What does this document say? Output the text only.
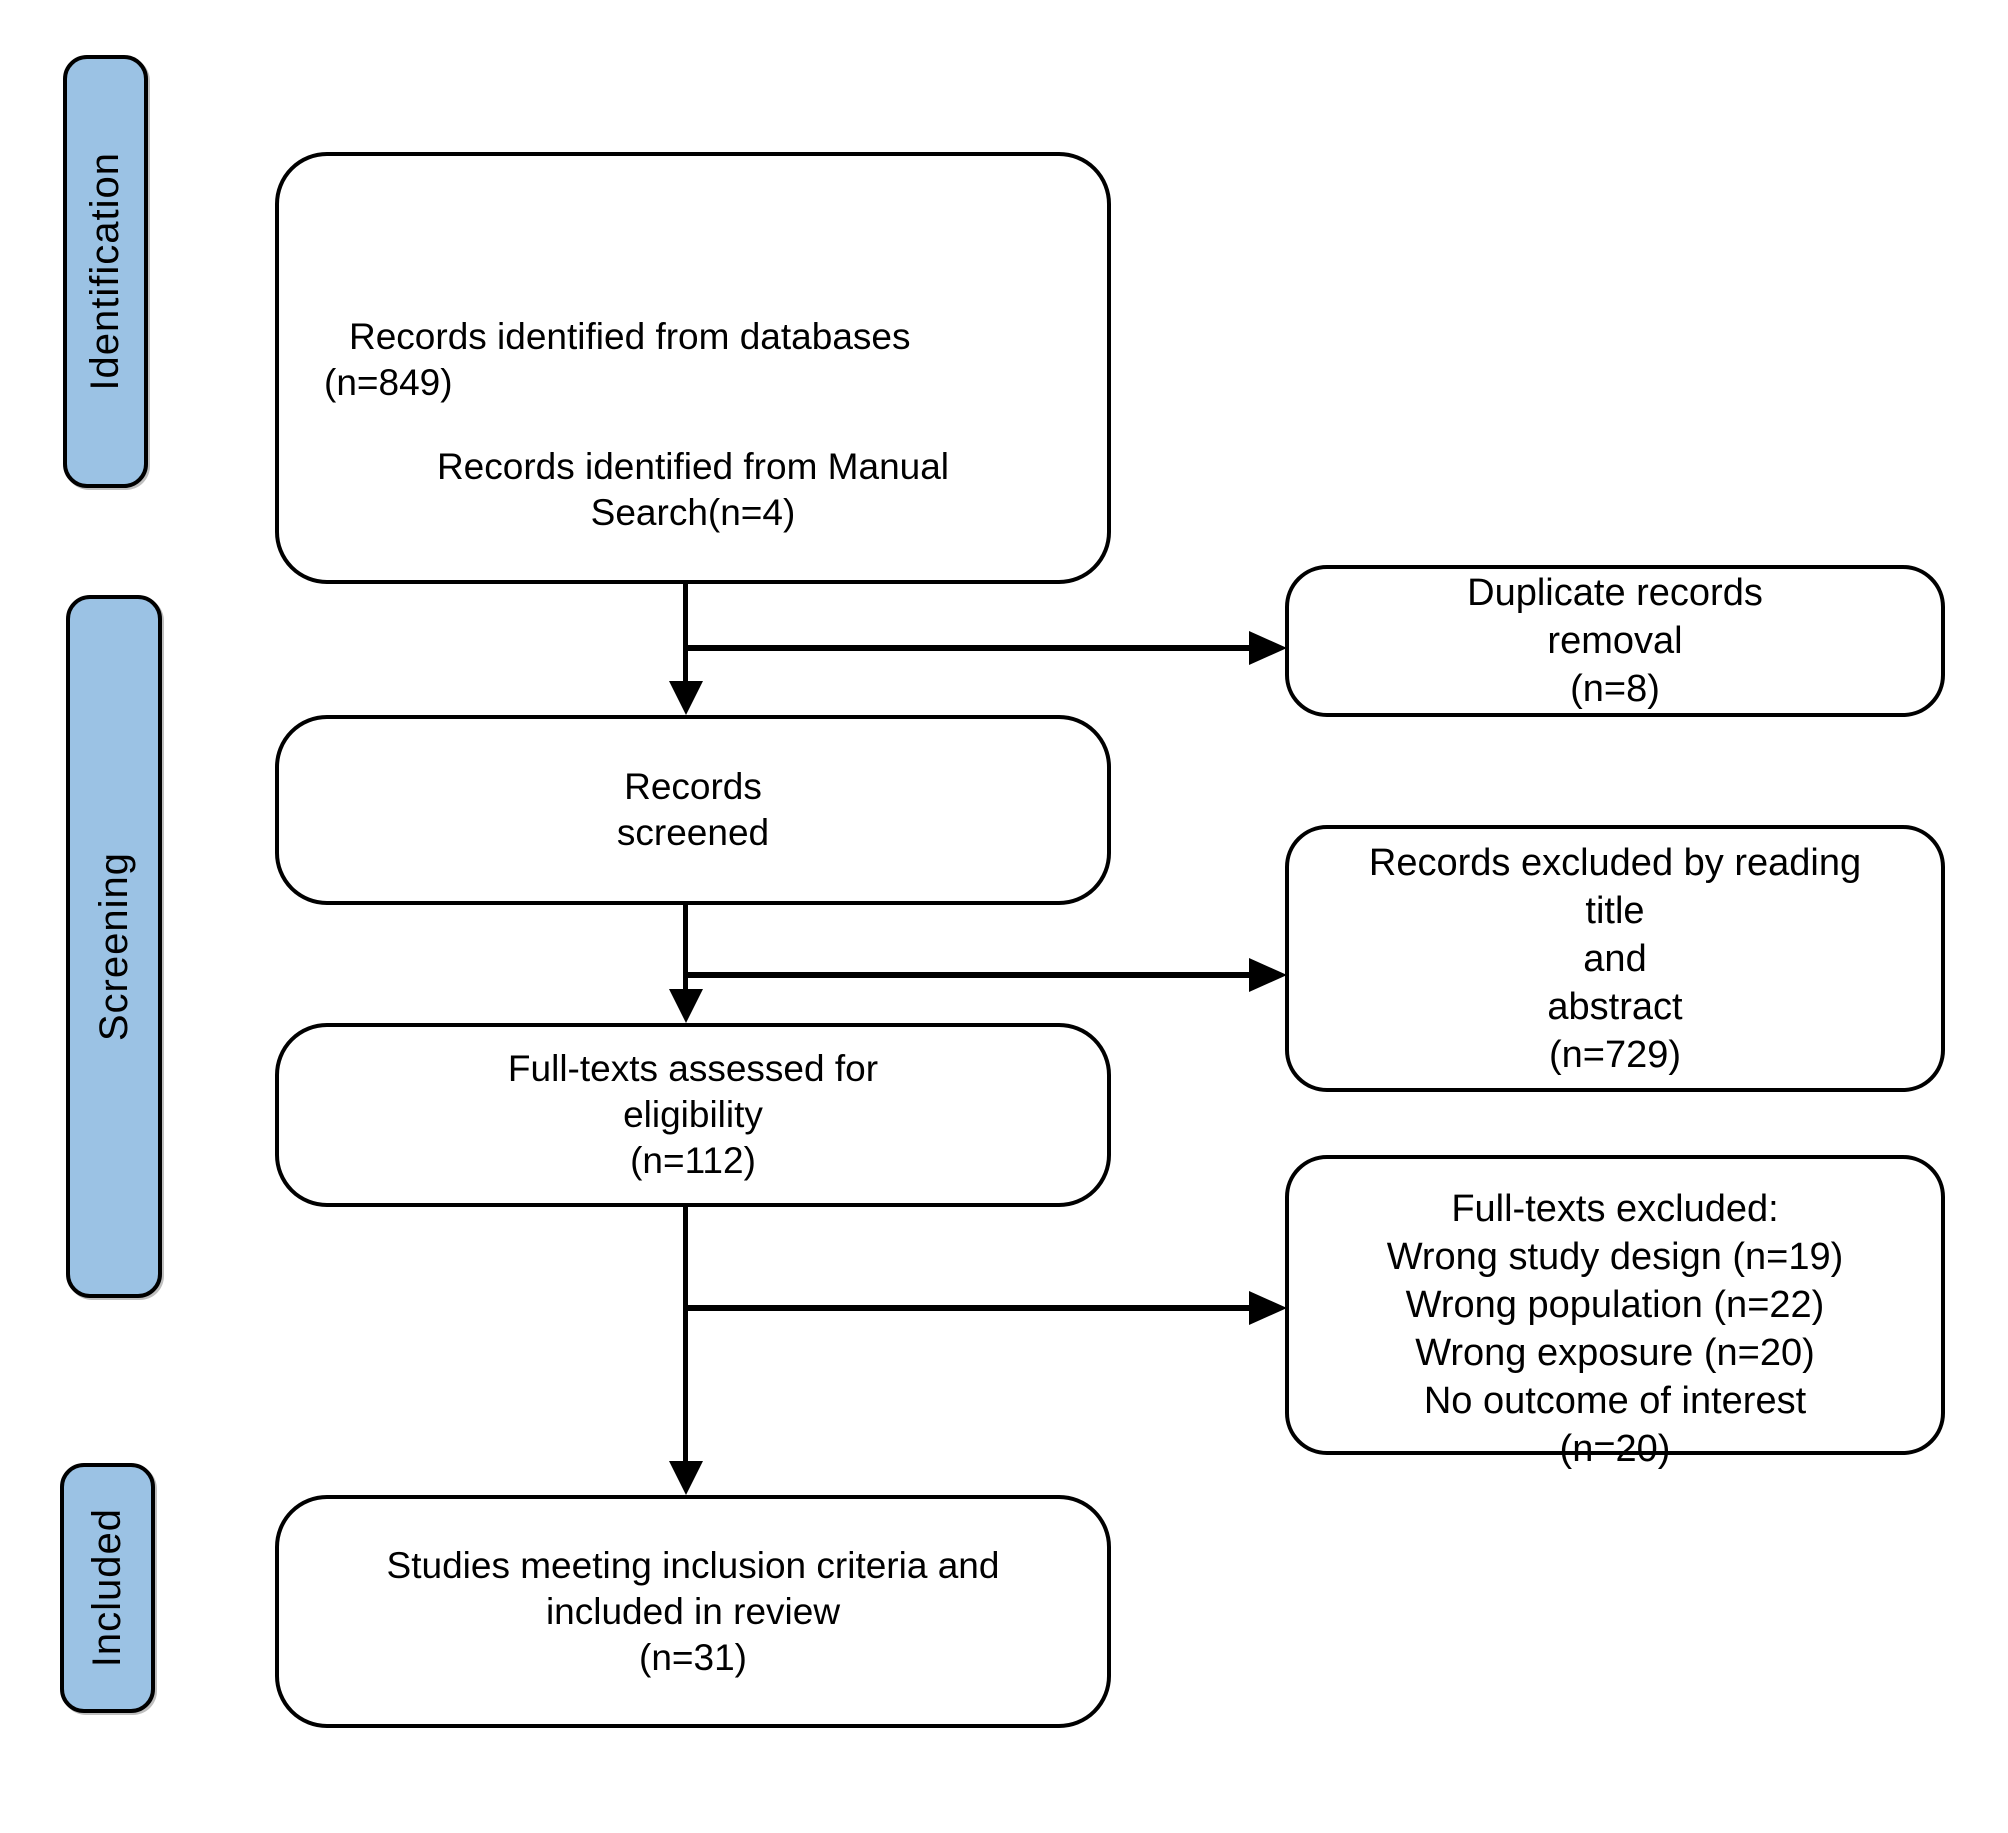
Identification
Screening
Included

Records identified from databases
(n=849)

Records identified from Manual
Search(n=4)

Records
screened

Full-texts assessed for
eligibility
(n=112)

Studies meeting inclusion criteria and
included in review
(n=31)

Duplicate records
removal
(n=8)

Records excluded by reading
title
and
abstract
(n=729)

Full-texts excluded:
Wrong study design (n=19)
Wrong population (n=22)
Wrong exposure (n=20)
No outcome of interest
(n=20)
